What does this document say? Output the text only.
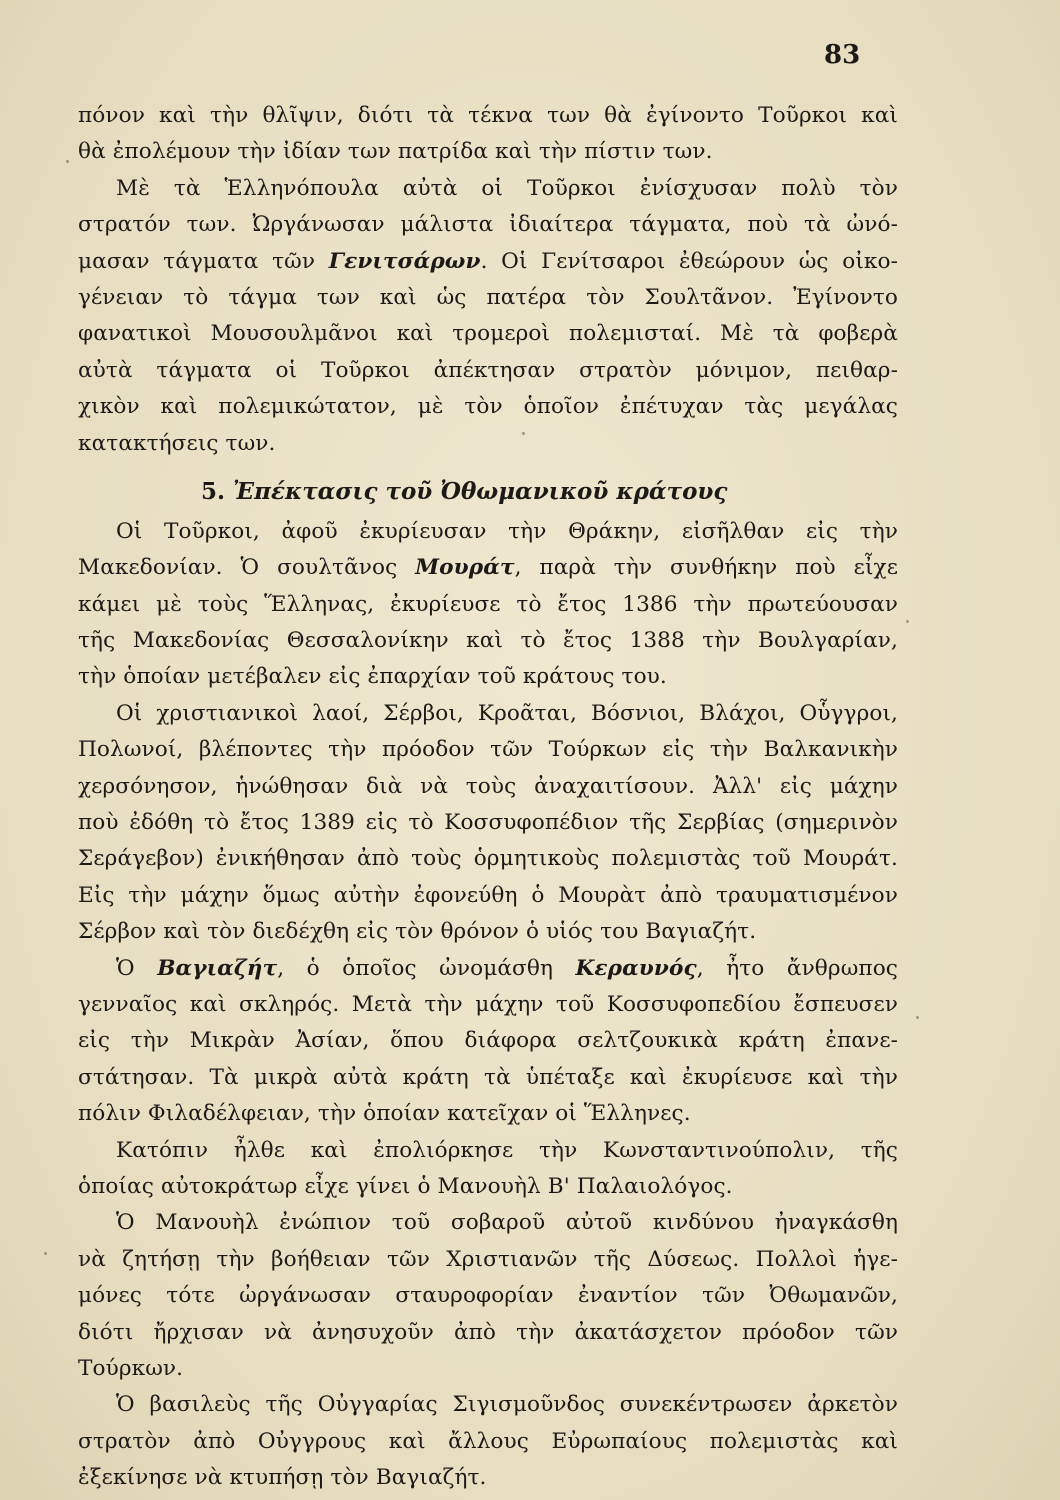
83
πόνον καὶ τὴν θλῖψιν, διότι τὰ τέκνα των θὰ ἐγίνοντο Τοῦρκοι καὶ
θὰ ἐπολέμουν τὴν ἰδίαν των πατρίδα καὶ τὴν πίστιν των.
Μὲ τὰ Ἑλληνόπουλα αὐτὰ οἱ Τοῦρκοι ἐνίσχυσαν πολὺ τὸν
στρατόν των. Ὠργάνωσαν μάλιστα ἰδιαίτερα τάγματα, ποὺ τὰ ὠνό-
μασαν τάγματα τῶν Γενιτσάρων. Οἱ Γενίτσαροι ἐθεώρουν ὡς οἰκο-
γένειαν τὸ τάγμα των καὶ ὡς πατέρα τὸν Σουλτᾶνον. Ἐγίνοντο
φανατικοὶ Μουσουλμᾶνοι καὶ τρομεροὶ πολεμισταί. Μὲ τὰ φοβερὰ
αὐτὰ τάγματα οἱ Τοῦρκοι ἀπέκτησαν στρατὸν μόνιμον, πειθαρ-
χικὸν καὶ πολεμικώτατον, μὲ τὸν ὁποῖον ἐπέτυχαν τὰς μεγάλας
κατακτήσεις των.
5. Ἐπέκτασις τοῦ Ὀθωμανικοῦ κράτους
Οἱ Τοῦρκοι, ἀφοῦ ἐκυρίευσαν τὴν Θράκην, εἰσῆλθαν εἰς τὴν
Μακεδονίαν. Ὁ σουλτᾶνος Μουράτ, παρὰ τὴν συνθήκην ποὺ εἶχε
κάμει μὲ τοὺς Ἕλληνας, ἐκυρίευσε τὸ ἔτος 1386 τὴν πρωτεύουσαν
τῆς Μακεδονίας Θεσσαλονίκην καὶ τὸ ἔτος 1388 τὴν Βουλγαρίαν,
τὴν ὁποίαν μετέβαλεν εἰς ἐπαρχίαν τοῦ κράτους του.
Οἱ χριστιανικοὶ λαοί, Σέρβοι, Κροᾶται, Βόσνιοι, Βλάχοι, Οὗγγροι,
Πολωνοί, βλέποντες τὴν πρόοδον τῶν Τούρκων εἰς τὴν Βαλκανικὴν
χερσόνησον, ἡνώθησαν διὰ νὰ τοὺς ἀναχαιτίσουν. Ἀλλ' εἰς μάχην
ποὺ ἐδόθη τὸ ἔτος 1389 εἰς τὸ Κοσσυφοπέδιον τῆς Σερβίας (σημερινὸν
Σεράγεβον) ἐνικήθησαν ἀπὸ τοὺς ὁρμητικοὺς πολεμιστὰς τοῦ Μουράτ.
Εἰς τὴν μάχην ὅμως αὐτὴν ἐφονεύθη ὁ Μουρὰτ ἀπὸ τραυματισμένον
Σέρβον καὶ τὸν διεδέχθη εἰς τὸν θρόνον ὁ υἱός του Βαγιαζήτ.
Ὁ Βαγιαζήτ, ὁ ὁποῖος ὠνομάσθη Κεραυνός, ἦτο ἄνθρωπος
γενναῖος καὶ σκληρός. Μετὰ τὴν μάχην τοῦ Κοσσυφοπεδίου ἔσπευσεν
εἰς τὴν Μικρὰν Ἀσίαν, ὅπου διάφορα σελτζουκικὰ κράτη ἐπανε-
στάτησαν. Τὰ μικρὰ αὐτὰ κράτη τὰ ὑπέταξε καὶ ἐκυρίευσε καὶ τὴν
πόλιν Φιλαδέλφειαν, τὴν ὁποίαν κατεῖχαν οἱ Ἕλληνες.
Κατόπιν ἦλθε καὶ ἐπολιόρκησε τὴν Κωνσταντινούπολιν, τῆς
ὁποίας αὐτοκράτωρ εἶχε γίνει ὁ Μανουὴλ Β' Παλαιολόγος.
Ὁ Μανουὴλ ἐνώπιον τοῦ σοβαροῦ αὐτοῦ κινδύνου ἠναγκάσθη
νὰ ζητήσῃ τὴν βοήθειαν τῶν Χριστιανῶν τῆς Δύσεως. Πολλοὶ ἡγε-
μόνες τότε ὠργάνωσαν σταυροφορίαν ἐναντίον τῶν Ὀθωμανῶν,
διότι ἤρχισαν νὰ ἀνησυχοῦν ἀπὸ τὴν ἀκατάσχετον πρόοδον τῶν
Τούρκων.
Ὁ βασιλεὺς τῆς Οὐγγαρίας Σιγισμοῦνδος συνεκέντρωσεν ἀρκετὸν
στρατὸν ἀπὸ Οὐγγρους καὶ ἄλλους Εὐρωπαίους πολεμιστὰς καὶ
ἐξεκίνησε νὰ κτυπήσῃ τὸν Βαγιαζήτ.
